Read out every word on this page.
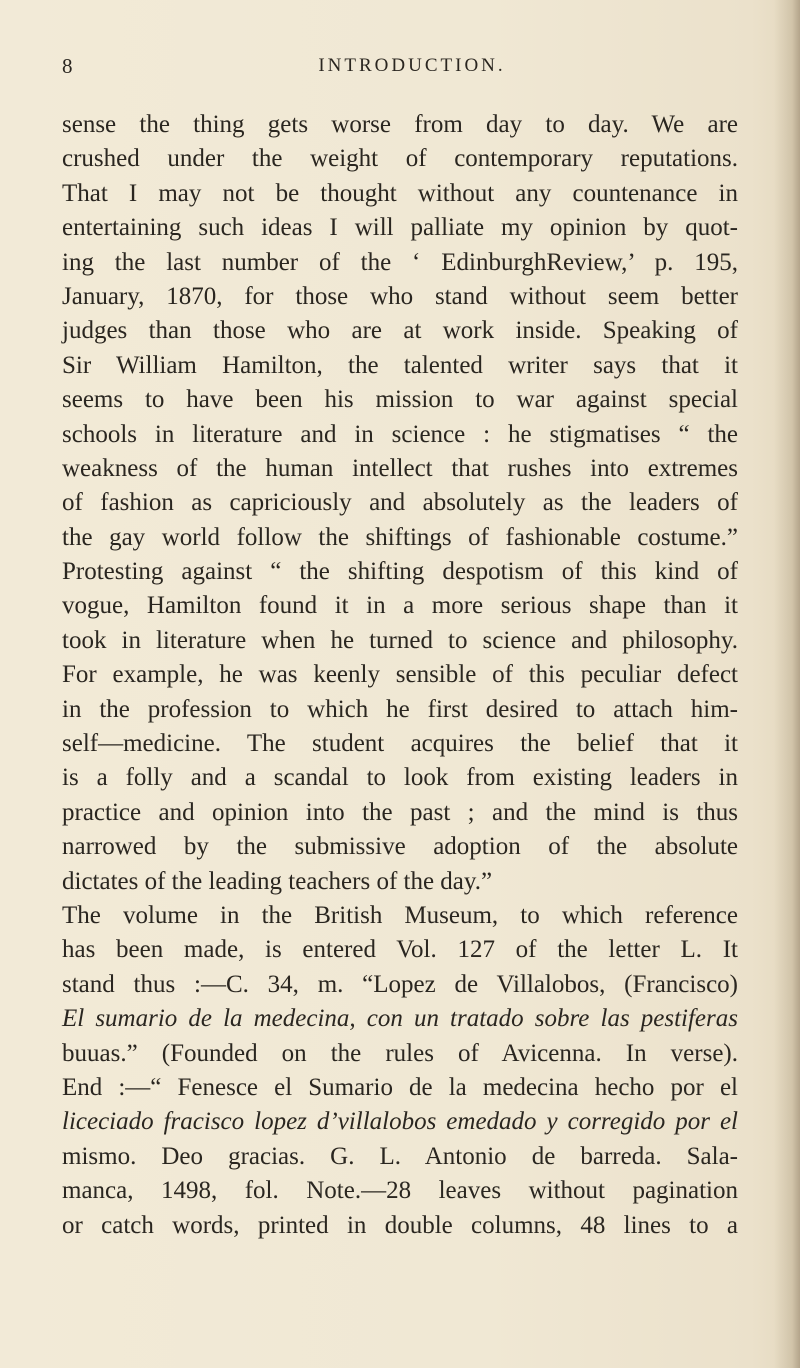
8	INTRODUCTION.
sense the thing gets worse from day to day. We are
crushed under the weight of contemporary reputations.
That I may not be thought without any countenance in
entertaining such ideas I will palliate my opinion by quot-
ing the last number of the ‘ EdinburghReview,’ p. 195,
January, 1870, for those who stand without seem better
judges than those who are at work inside. Speaking of
Sir William Hamilton, the talented writer says that it
seems to have been his mission to war against special
schools in literature and in science : he stigmatises “ the
weakness of the human intellect that rushes into extremes
of fashion as capriciously and absolutely as the leaders of
the gay world follow the shiftings of fashionable costume.”
Protesting against “ the shifting despotism of this kind of
vogue, Hamilton found it in a more serious shape than it
took in literature when he turned to science and philosophy.
For example, he was keenly sensible of this peculiar defect
in the profession to which he first desired to attach him-
self—medicine. The student acquires the belief that it
is a folly and a scandal to look from existing leaders in
practice and opinion into the past ; and the mind is thus
narrowed by the submissive adoption of the absolute
dictates of the leading teachers of the day.”
The volume in the British Museum, to which reference
has been made, is entered Vol. 127 of the letter L. It
stand thus :—C. 34, m. “Lopez de Villalobos, (Francisco)
El sumario de la medecina, con un tratado sobre las pestiferas
buuas.” (Founded on the rules of Avicenna. In verse).
End :—“ Fenesce el Sumario de la medecina hecho por el
liceciado fracisco lopez d’villalobos emedado y corregido por el
mismo. Deo gracias. G. L. Antonio de barreda. Sala-
manca, 1498, fol. Note.—28 leaves without pagination
or catch words, printed in double columns, 48 lines to a
